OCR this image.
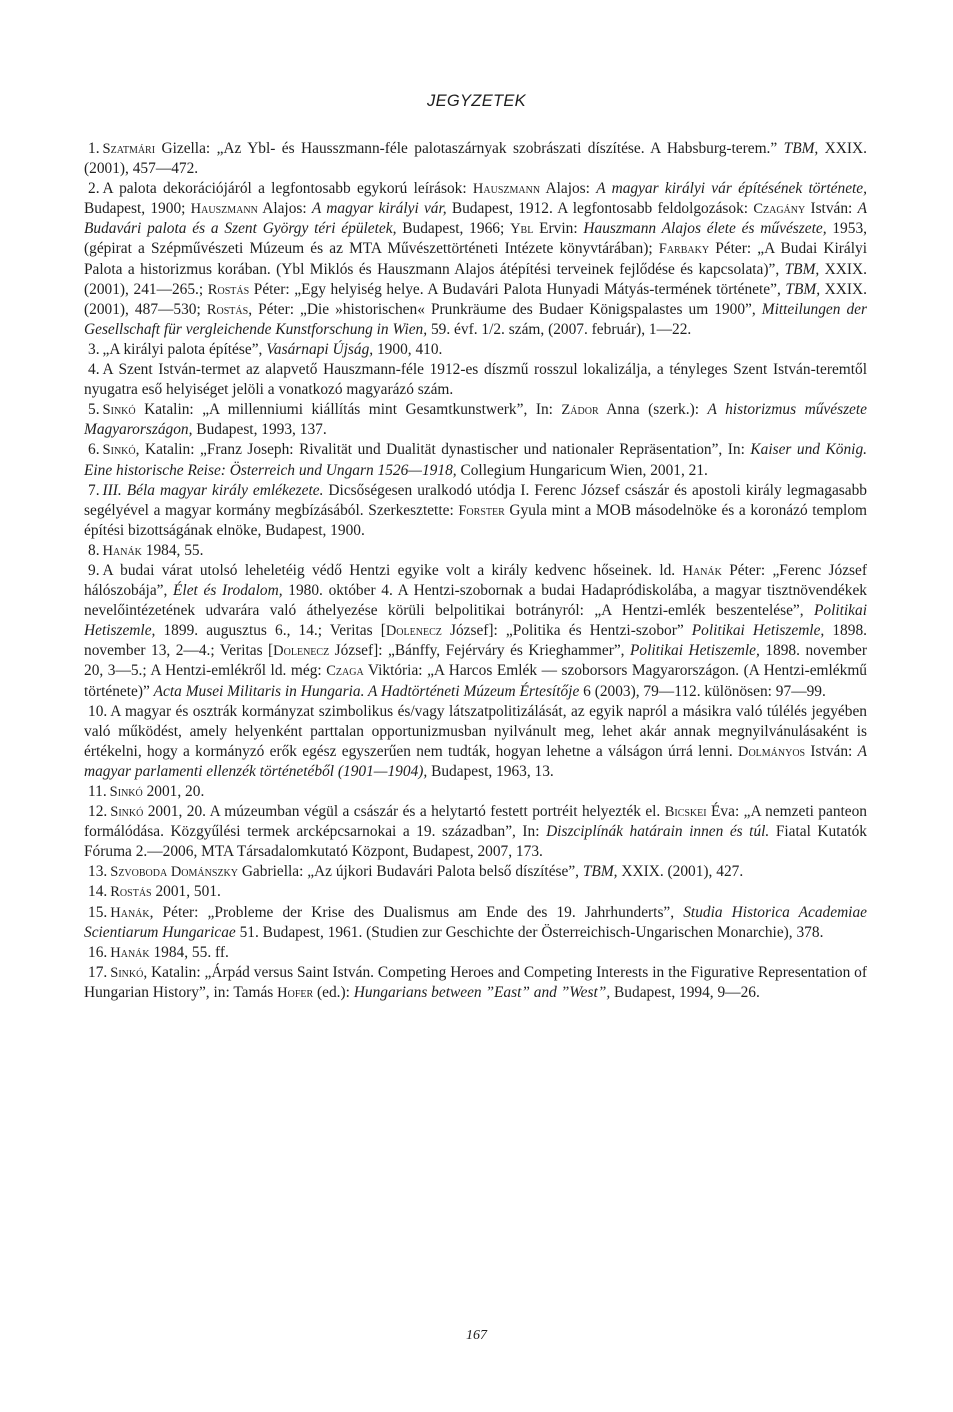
JEGYZETEK

1. Szatmári Gizella: „Az Ybl- és Hausszmann-féle palotaszárnyak szobrászati díszítése. A Habsburg-terem.” TBM, XXIX. (2001), 457—472.

2. A palota dekorációjáról a legfontosabb egykorú leírások: Hauszmann Alajos: A magyar királyi vár építésének története, Budapest, 1900; Hauszmann Alajos: A magyar királyi vár, Budapest, 1912. A legfontosabb feldolgozások: Czagány István: A Budavári palota és a Szent György téri épületek, Budapest, 1966; Ybl Ervin: Hauszmann Alajos élete és művészete, 1953, (gépirat a Szépművészeti Múzeum és az MTA Művészettörténeti Intézete könyvtárában); Farbaky Péter: „A Budai Királyi Palota a historizmus korában. (Ybl Miklós és Hauszmann Alajos átépítési terveinek fejlődése és kapcsolata)”, TBM, XXIX. (2001), 241—265.; Rostás Péter: „Egy helyiség helye. A Budavári Palota Hunyadi Mátyás-termének története”, TBM, XXIX. (2001), 487—530; Rostás, Péter: „Die »historischen« Prunkräume des Budaer Königspalastes um 1900”, Mitteilungen der Gesellschaft für vergleichende Kunstforschung in Wien, 59. évf. 1/2. szám, (2007. február), 1—22.

3. „A királyi palota építése”, Vasárnapi Újság, 1900, 410.

4. A Szent István-termet az alapvető Hauszmann-féle 1912-es díszmű rosszul lokalizálja, a tényleges Szent István-teremtől nyugatra eső helyiséget jelöli a vonatkozó magyarázó szám.

5. Sinkó Katalin: „A millenniumi kiállítás mint Gesamtkunstwerk”, In: Zádor Anna (szerk.): A historizmus művészete Magyarországon, Budapest, 1993, 137.

6. Sinkó, Katalin: „Franz Joseph: Rivalität und Dualität dynastischer und nationaler Repräsentation”, In: Kaiser und König. Eine historische Reise: Österreich und Ungarn 1526—1918, Collegium Hungaricum Wien, 2001, 21.

7. III. Béla magyar király emlékezete. Dicsőségesen uralkodó utódja I. Ferenc József császár és apostoli király legmagasabb segélyével a magyar kormány megbízásából. Szerkesztette: Forster Gyula mint a MOB másodelnöke és a koronázó templom építési bizottságának elnöke, Budapest, 1900.

8. Hanák 1984, 55.

9. A budai várat utolsó leheletéig védő Hentzi egyike volt a király kedvenc hőseinek. ld. Hanák Péter: „Ferenc József hálószobája”, Élet és Irodalom, 1980. október 4. A Hentzi-szobornak a budai Hadapródiskolába, a magyar tisztnövendékek nevelőintézetének udvarára való áthelyezése körüli belpolitikai botrányról: „A Hentzi-emlék beszentelése”, Politikai Hetiszemle, 1899. augusztus 6., 14.; Veritas [Dolenecz József]: „Politika és Hentzi-szobor” Politikai Hetiszemle, 1898. november 13, 2—4.; Veritas [Dolenecz József]: „Bánffy, Fejérváry és Krieghammer”, Politikai Hetiszemle, 1898. november 20, 3—5.; A Hentzi-emlékről ld. még: Czaga Viktória: „A Harcos Emlék — szoborsors Magyarországon. (A Hentzi-emlékmű története)” Acta Musei Militaris in Hungaria. A Hadtörténeti Múzeum Értesítője 6 (2003), 79—112. különösen: 97—99.

10. A magyar és osztrák kormányzat szimbolikus és/vagy látszatpolitizálását, az egyik napról a másikra való túlélés jegyében való működést, amely helyenként parttalan opportunizmusban nyilvánult meg, lehet akár annak megnyilvánulásaként is értékelni, hogy a kormányzó erők egész egyszerűen nem tudták, hogyan lehetne a válságon úrrá lenni. Dolmányos István: A magyar parlamenti ellenzék történetéből (1901—1904), Budapest, 1963, 13.

11. Sinkó 2001, 20.

12. Sinkó 2001, 20. A múzeumban végül a császár és a helytartó festett portréit helyezték el. Bicskei Éva: „A nemzeti panteon formálódása. Közgyűlési termek arcképcsarnokai a 19. században”, In: Diszciplínák határain innen és túl. Fiatal Kutatók Fóruma 2.—2006, MTA Társadalomkutató Központ, Budapest, 2007, 173.

13. Szvoboda Dománszky Gabriella: „Az újkori Budavári Palota belső díszítése”, TBM, XXIX. (2001), 427.

14. Rostás 2001, 501.

15. Hanák, Péter: „Probleme der Krise des Dualismus am Ende des 19. Jahrhunderts”, Studia Historica Academiae Scientiarum Hungaricae 51. Budapest, 1961. (Studien zur Geschichte der Österreichisch-Ungarischen Monarchie), 378.

16. Hanák 1984, 55. ff.

17. Sinkó, Katalin: „Árpád versus Saint István. Competing Heroes and Competing Interests in the Figurative Representation of Hungarian History”, in: Tamás Hofer (ed.): Hungarians between ”East” and ”West”, Budapest, 1994, 9—26.

167
